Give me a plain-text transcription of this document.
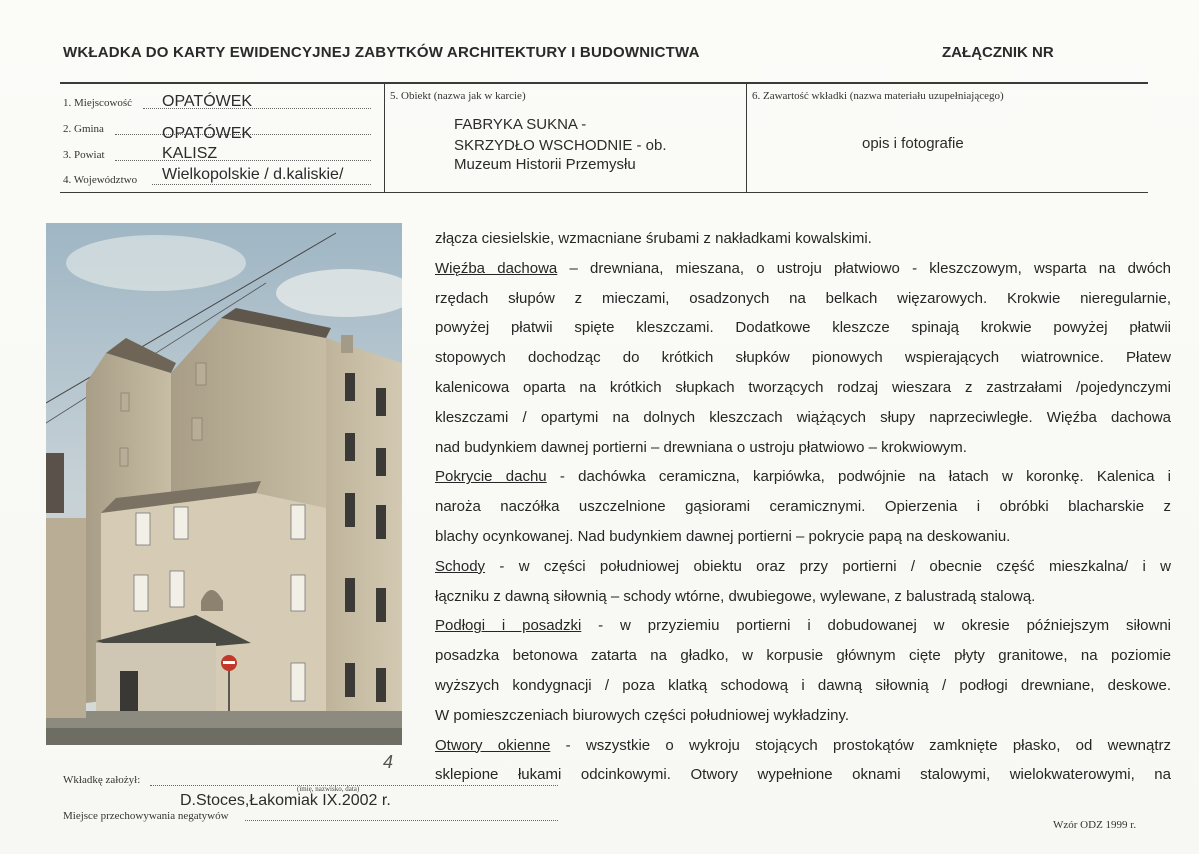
WKŁADKA DO KARTY EWIDENCYJNEJ ZABYTKÓW ARCHITEKTURY I BUDOWNICTWA	ZAŁĄCZNIK NR
1. Miejscowość OPATÓWEK
2. Gmina	OPATÓWEK
3. Powiat	KALISZ
4. Województwo Wielkopolskie / d.kaliskie/
5. Obiekt (nazwa jak w karcie)
FABRYKA SUKNA -
SKRZYDŁO WSCHODNIE - ob.
Muzeum Historii Przemysłu
6. Zawartość wkładki (nazwa materiału uzupełniającego)
opis i fotografie

złącza ciesielskie, wzmacniane śrubami z nakładkami kowalskimi.

Więźba dachowa – drewniana, mieszana, o ustroju płatwiowo - kleszczowym, wsparta na dwóch

rzędach słupów z mieczami, osadzonych na belkach więzarowych. Krokwie nieregularnie,

powyżej płatwii spięte kleszczami. Dodatkowe kleszcze spinają krokwie powyżej płatwii

stopowych dochodząc do krótkich słupków pionowych wspierających wiatrownice. Płatew

kalenicowa oparta na krótkich słupkach tworzących rodzaj wieszara z zastrzałami /pojedynczymi

kleszczami / opartymi na dolnych kleszczach wiążących słupy naprzeciwległe. Więźba dachowa

nad budynkiem dawnej portierni – drewniana o ustroju płatwiowo – krokwiowym.

Pokrycie dachu - dachówka ceramiczna, karpiówka, podwójnie na łatach w koronkę. Kalenica i

naroża naczółka uszczelnione gąsiorami ceramicznymi. Opierzenia i obróbki blacharskie z

blachy ocynkowanej. Nad budynkiem dawnej portierni – pokrycie papą na deskowaniu.

Schody - w części południowej obiektu oraz przy portierni / obecnie część mieszkalna/ i w

łączniku z dawną siłownią – schody wtórne, dwubiegowe, wylewane, z balustradą stalową.

Podłogi i posadzki - w przyziemiu portierni i dobudowanej w okresie późniejszym siłowni

posadzka betonowa zatarta na gładko, w korpusie głównym cięte płyty granitowe, na poziomie

wyższych kondygnacji / poza klatką schodową i dawną siłownią / podłogi drewniane, deskowe.

W pomieszczeniach biurowych części południowej wykładziny.

Otwory okienne - wszystkie o wykroju stojących prostokątów zamknięte płasko, od wewnątrz

sklepione łukami odcinkowymi. Otwory wypełnione oknami stalowymi, wielokwaterowymi, na

4
Wkładkę założył:
(imię, nazwisko, data)
D.Stoces,Łakomiak IX.2002 r.
Miejsce przechowywania negatywów
Wzór ODZ 1999 r.
